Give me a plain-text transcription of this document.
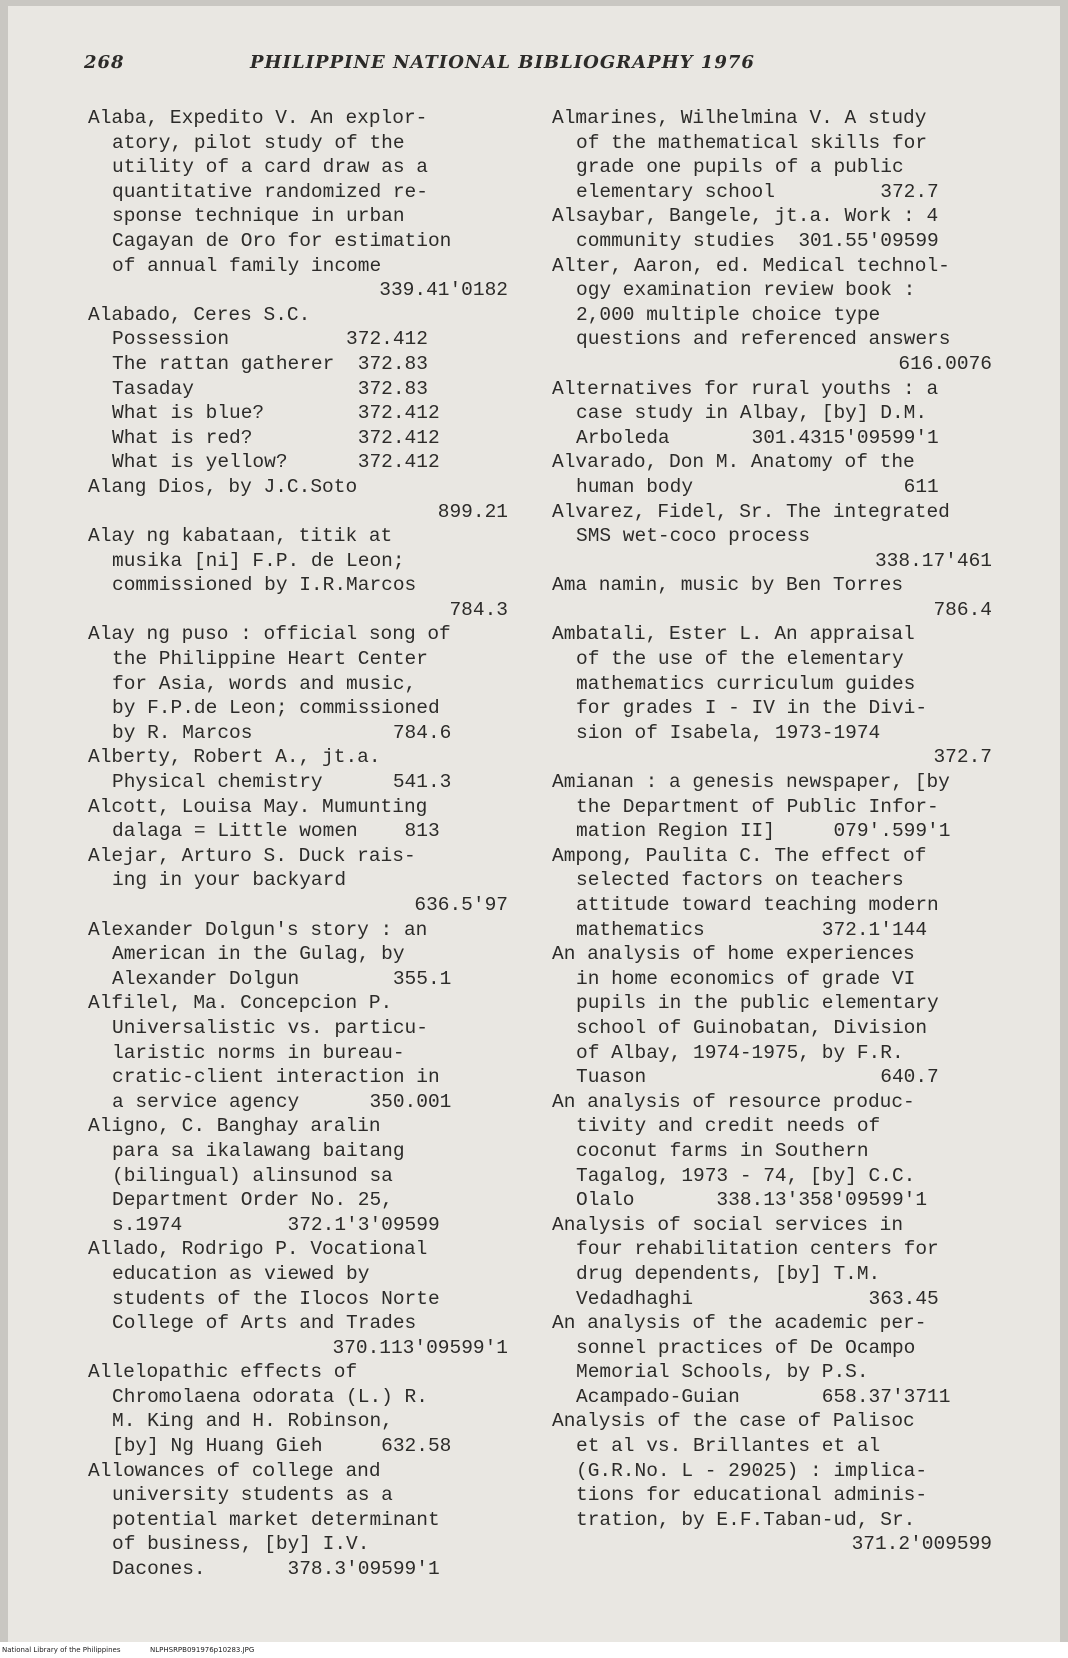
268	PHILIPPINE NATIONAL BIBLIOGRAPHY 1976
Alaba, Expedito V. An explor-
atory, pilot study of the
utility of a card draw as a
quantitative randomized re-
sponse technique in urban
Cagayan de Oro for estimation
of annual family income
339.41'0182
Alabado, Ceres S.C.
Possession          372.412
The rattan gatherer  372.83
Tasaday              372.83
What is blue?        372.412
What is red?         372.412
What is yellow?      372.412
Alang Dios, by J.C.Soto
899.21
Alay ng kabataan, titik at
musika [ni] F.P. de Leon;
commissioned by I.R.Marcos
784.3
Alay ng puso : official song of
the Philippine Heart Center
for Asia, words and music,
by F.P.de Leon; commissioned
by R. Marcos            784.6
Alberty, Robert A., jt.a.
Physical chemistry      541.3
Alcott, Louisa May. Mumunting
dalaga = Little women    813
Alejar, Arturo S. Duck rais-
ing in your backyard
636.5'97
Alexander Dolgun's story : an
American in the Gulag, by
Alexander Dolgun        355.1
Alfilel, Ma. Concepcion P.
Universalistic vs. particu-
laristic norms in bureau-
cratic-client interaction in
a service agency      350.001
Aligno, C. Banghay aralin
para sa ikalawang baitang
(bilingual) alinsunod sa
Department Order No. 25,
s.1974         372.1'3'09599
Allado, Rodrigo P. Vocational
education as viewed by
students of the Ilocos Norte
College of Arts and Trades
370.113'09599'1
Allelopathic effects of
Chromolaena odorata (L.) R.
M. King and H. Robinson,
[by] Ng Huang Gieh     632.58
Allowances of college and
university students as a
potential market determinant
of business, [by] I.V.
Dacones.       378.3'09599'1
Almarines, Wilhelmina V. A study
of the mathematical skills for
grade one pupils of a public
elementary school         372.7
Alsaybar, Bangele, jt.a. Work : 4
community studies  301.55'09599
Alter, Aaron, ed. Medical technol-
ogy examination review book :
2,000 multiple choice type
questions and referenced answers
616.0076
Alternatives for rural youths : a
case study in Albay, [by] D.M.
Arboleda       301.4315'09599'1
Alvarado, Don M. Anatomy of the
human body                  611
Alvarez, Fidel, Sr. The integrated
SMS wet-coco process
338.17'461
Ama namin, music by Ben Torres
786.4
Ambatali, Ester L. An appraisal
of the use of the elementary
mathematics curriculum guides
for grades I - IV in the Divi-
sion of Isabela, 1973-1974
372.7
Amianan : a genesis newspaper, [by
the Department of Public Infor-
mation Region II]     079'.599'1
Ampong, Paulita C. The effect of
selected factors on teachers
attitude toward teaching modern
mathematics          372.1'144
An analysis of home experiences
in home economics of grade VI
pupils in the public elementary
school of Guinobatan, Division
of Albay, 1974-1975, by F.R.
Tuason                    640.7
An analysis of resource produc-
tivity and credit needs of
coconut farms in Southern
Tagalog, 1973 - 74, [by] C.C.
Olalo       338.13'358'09599'1
Analysis of social services in
four rehabilitation centers for
drug dependents, [by] T.M.
Vedadhaghi               363.45
An analysis of the academic per-
sonnel practices of De Ocampo
Memorial Schools, by P.S.
Acampado-Guian       658.37'3711
Analysis of the case of Palisoc
et al vs. Brillantes et al
(G.R.No. L - 29025) : implica-
tions for educational adminis-
tration, by E.F.Taban-ud, Sr.
371.2'009599
National Library of the Philippines	NLPHSRPB091976p10283.JPG
